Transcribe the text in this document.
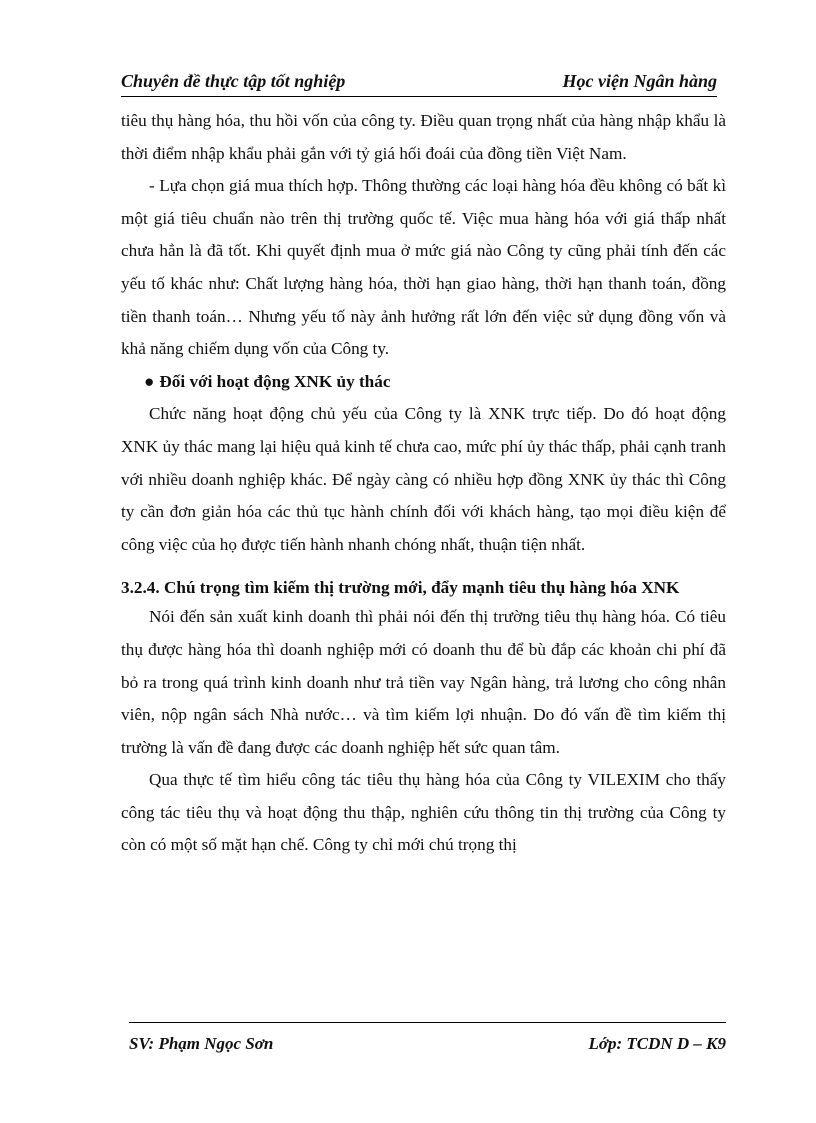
Chuyên đề thực tập tốt nghiệp	Học viện Ngân hàng

tiêu thụ hàng hóa, thu hồi vốn của công ty. Điều quan trọng nhất của hàng nhập khẩu là thời điểm nhập khẩu phải gắn với tỷ giá hối đoái của đồng tiền Việt Nam.

- Lựa chọn giá mua thích hợp. Thông thường các loại hàng hóa đều không có bất kì một giá tiêu chuẩn nào trên thị trường quốc tế. Việc mua hàng hóa với giá thấp nhất chưa hẳn là đã tốt. Khi quyết định mua ở mức giá nào Công ty cũng phải tính đến các yếu tố khác như: Chất lượng hàng hóa, thời hạn giao hàng, thời hạn thanh toán, đồng tiền thanh toán… Nhưng yếu tố này ảnh hưởng rất lớn đến việc sử dụng đồng vốn và khả năng chiếm dụng vốn của Công ty.

● Đối với hoạt động XNK ủy thác

Chức năng hoạt động chủ yếu của Công ty là XNK trực tiếp. Do đó hoạt động XNK ủy thác mang lại hiệu quả kinh tế chưa cao, mức phí ủy thác thấp, phải cạnh tranh với nhiều doanh nghiệp khác. Để ngày càng có nhiều hợp đồng XNK ủy thác thì Công ty cần đơn giản hóa các thủ tục hành chính đối với khách hàng, tạo mọi điều kiện để công việc của họ được tiến hành nhanh chóng nhất, thuận tiện nhất.

3.2.4. Chú trọng tìm kiếm thị trường mới, đẩy mạnh tiêu thụ hàng hóa XNK

Nói đến sản xuất kinh doanh thì phải nói đến thị trường tiêu thụ hàng hóa. Có tiêu thụ được hàng hóa thì doanh nghiệp mới có doanh thu để bù đắp các khoản chi phí đã bỏ ra trong quá trình kinh doanh như trả tiền vay Ngân hàng, trả lương cho công nhân viên, nộp ngân sách Nhà nước… và tìm kiếm lợi nhuận. Do đó vấn đề tìm kiếm thị trường là vấn đề đang được các doanh nghiệp hết sức quan tâm.

Qua thực tế tìm hiểu công tác tiêu thụ hàng hóa của Công ty VILEXIM cho thấy công tác tiêu thụ và hoạt động thu thập, nghiên cứu thông tin thị trường của Công ty còn có một số mặt hạn chế. Công ty chỉ mới chú trọng thị

SV: Phạm Ngọc Sơn	Lớp: TCDN D – K9
